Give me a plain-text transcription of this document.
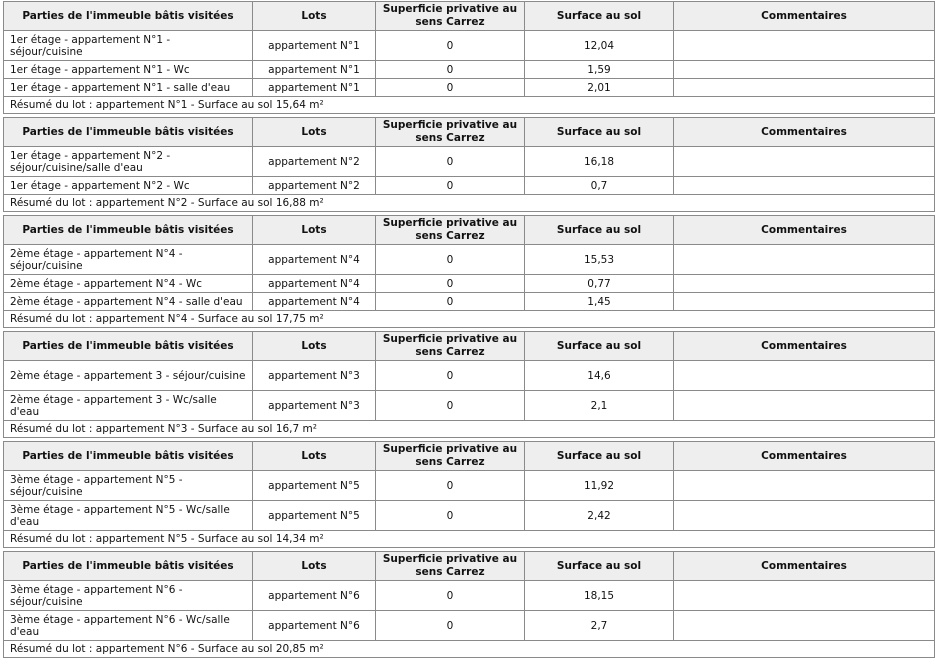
Parties de l'immeuble bâtis visitées	Lots	Superficie privative au sens Carrez	Surface au sol	Commentaires
1er étage - appartement N°1 - séjour/cuisine	appartement N°1	0	12,04	
1er étage - appartement N°1 - Wc	appartement N°1	0	1,59	
1er étage - appartement N°1 - salle d'eau	appartement N°1	0	2,01	
Résumé du lot : appartement N°1 - Surface au sol 15,64 m²				
Parties de l'immeuble bâtis visitées	Lots	Superficie privative au sens Carrez	Surface au sol	Commentaires
1er étage - appartement N°2 - séjour/cuisine/salle d'eau	appartement N°2	0	16,18	
1er étage - appartement N°2 - Wc	appartement N°2	0	0,7	
Résumé du lot : appartement N°2 - Surface au sol 16,88 m²				
Parties de l'immeuble bâtis visitées	Lots	Superficie privative au sens Carrez	Surface au sol	Commentaires
2ème étage - appartement N°4 - séjour/cuisine	appartement N°4	0	15,53	
2ème étage - appartement N°4 - Wc	appartement N°4	0	0,77	
2ème étage - appartement N°4 - salle d'eau	appartement N°4	0	1,45	
Résumé du lot : appartement N°4 - Surface au sol 17,75 m²				
Parties de l'immeuble bâtis visitées	Lots	Superficie privative au sens Carrez	Surface au sol	Commentaires
2ème étage - appartement 3 - séjour/cuisine	appartement N°3	0	14,6	
2ème étage - appartement 3 - Wc/salle d'eau	appartement N°3	0	2,1	
Résumé du lot : appartement N°3 - Surface au sol 16,7 m²				
Parties de l'immeuble bâtis visitées	Lots	Superficie privative au sens Carrez	Surface au sol	Commentaires
3ème étage - appartement N°5 - séjour/cuisine	appartement N°5	0	11,92	
3ème étage - appartement N°5 - Wc/salle d'eau	appartement N°5	0	2,42	
Résumé du lot : appartement N°5 - Surface au sol 14,34 m²				
Parties de l'immeuble bâtis visitées	Lots	Superficie privative au sens Carrez	Surface au sol	Commentaires
3ème étage - appartement N°6 - séjour/cuisine	appartement N°6	0	18,15	
3ème étage - appartement N°6 - Wc/salle d'eau	appartement N°6	0	2,7	
Résumé du lot : appartement N°6 - Surface au sol 20,85 m²				
